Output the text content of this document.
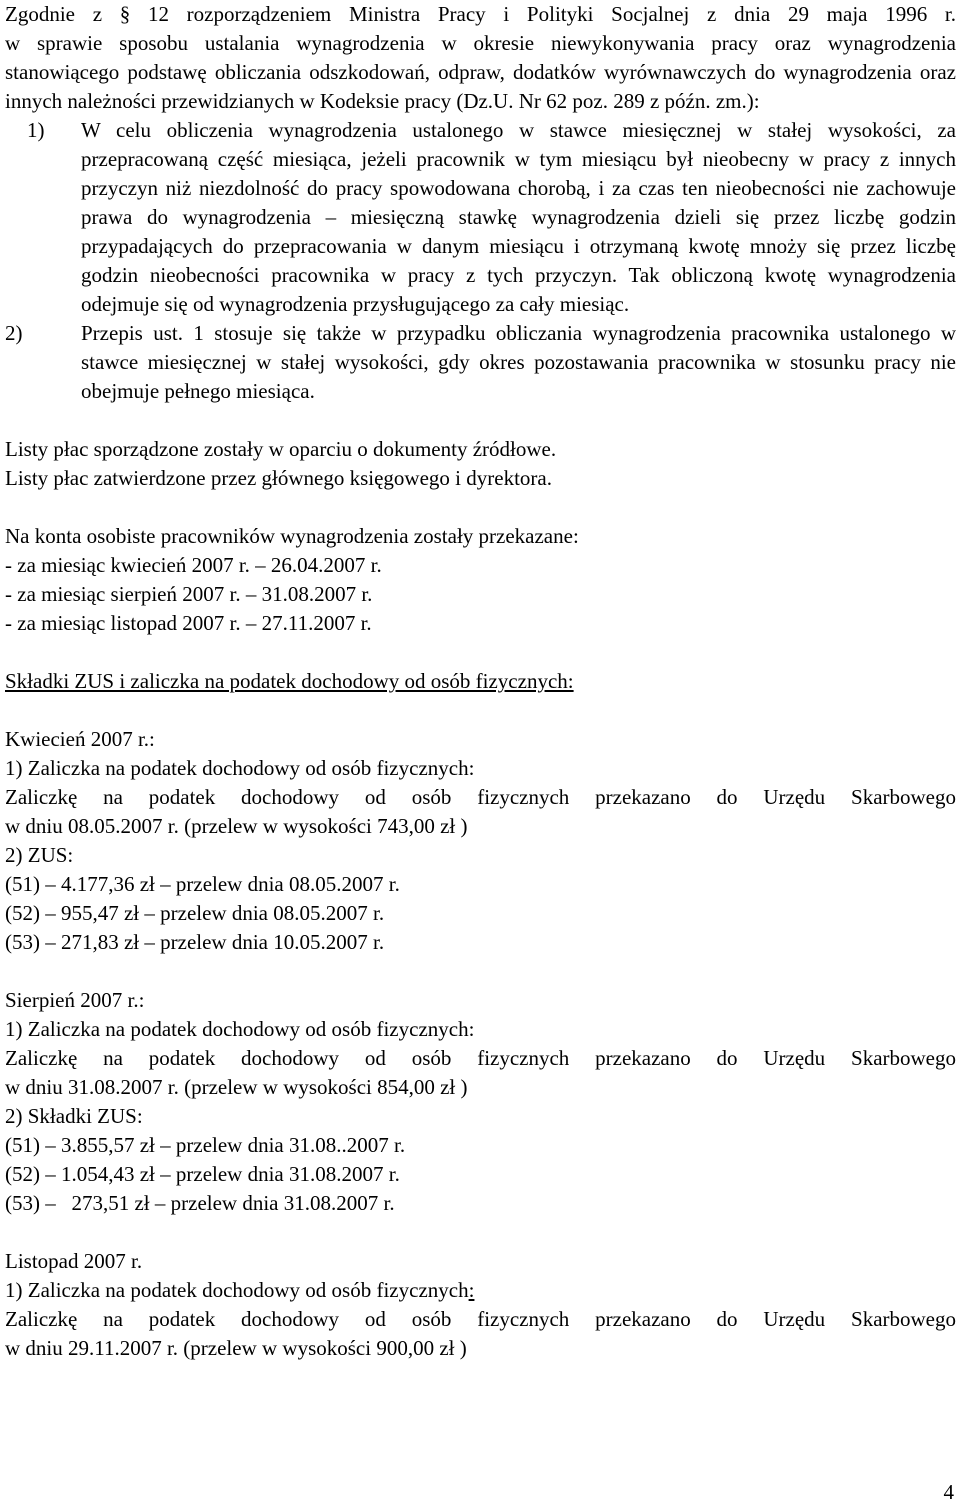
Zgodnie z § 12 rozporządzeniem Ministra Pracy i Polityki Socjalnej z dnia 29 maja 1996 r.

w sprawie sposobu ustalania wynagrodzenia w okresie niewykonywania pracy oraz wynagrodzenia stanowiącego podstawę obliczania odszkodowań, odpraw, dodatków wyrównawczych do wynagrodzenia oraz innych należności przewidzianych w Kodeksie pracy (Dz.U. Nr 62 poz. 289 z późn. zm.):

1) W celu obliczenia wynagrodzenia ustalonego w stawce miesięcznej w stałej wysokości, za przepracowaną część miesiąca, jeżeli pracownik w tym miesiącu był nieobecny w pracy z innych przyczyn niż niezdolność do pracy spowodowana chorobą, i za czas ten nieobecności nie zachowuje prawa do wynagrodzenia – miesięczną stawkę wynagrodzenia dzieli się przez liczbę godzin przypadających do przepracowania w danym miesiącu i otrzymaną kwotę mnoży się przez liczbę godzin nieobecności pracownika w pracy z tych przyczyn. Tak obliczoną kwotę wynagrodzenia odejmuje się od wynagrodzenia przysługującego za cały miesiąc.
2)	Przepis ust. 1 stosuje się także w przypadku obliczania wynagrodzenia pracownika ustalonego w stawce miesięcznej w stałej wysokości, gdy okres pozostawania pracownika w stosunku pracy nie obejmuje pełnego miesiąca.

Listy płac sporządzone zostały w oparciu o dokumenty źródłowe.

Listy płac zatwierdzone przez głównego księgowego i dyrektora.

Na konta osobiste pracowników wynagrodzenia zostały przekazane:

- za miesiąc kwiecień 2007 r. – 26.04.2007 r.

- za miesiąc sierpień 2007 r. – 31.08.2007 r.

- za miesiąc listopad 2007 r. – 27.11.2007 r.

Składki ZUS i zaliczka na podatek dochodowy od osób fizycznych:

Kwiecień 2007 r.:

1) Zaliczka na podatek dochodowy od osób fizycznych:

Zaliczkę na podatek dochodowy od osób fizycznych przekazano do Urzędu Skarbowego

w dniu 08.05.2007 r. (przelew w wysokości 743,00 zł )

2) ZUS:

(51) – 4.177,36 zł – przelew dnia 08.05.2007 r.

(52) – 955,47 zł – przelew dnia 08.05.2007 r.

(53) – 271,83 zł – przelew dnia 10.05.2007 r.

Sierpień 2007 r.:

1) Zaliczka na podatek dochodowy od osób fizycznych:

Zaliczkę na podatek dochodowy od osób fizycznych przekazano do Urzędu Skarbowego

w dniu 31.08.2007 r. (przelew w wysokości 854,00 zł )

2) Składki ZUS:

(51) – 3.855,57 zł – przelew dnia 31.08..2007 r.

(52) – 1.054,43 zł – przelew dnia 31.08.2007 r.

(53) –   273,51 zł – przelew dnia 31.08.2007 r.

Listopad 2007 r.

1) Zaliczka na podatek dochodowy od osób fizycznych:

Zaliczkę na podatek dochodowy od osób fizycznych przekazano do Urzędu Skarbowego

w dniu 29.11.2007 r. (przelew w wysokości 900,00 zł )

4
